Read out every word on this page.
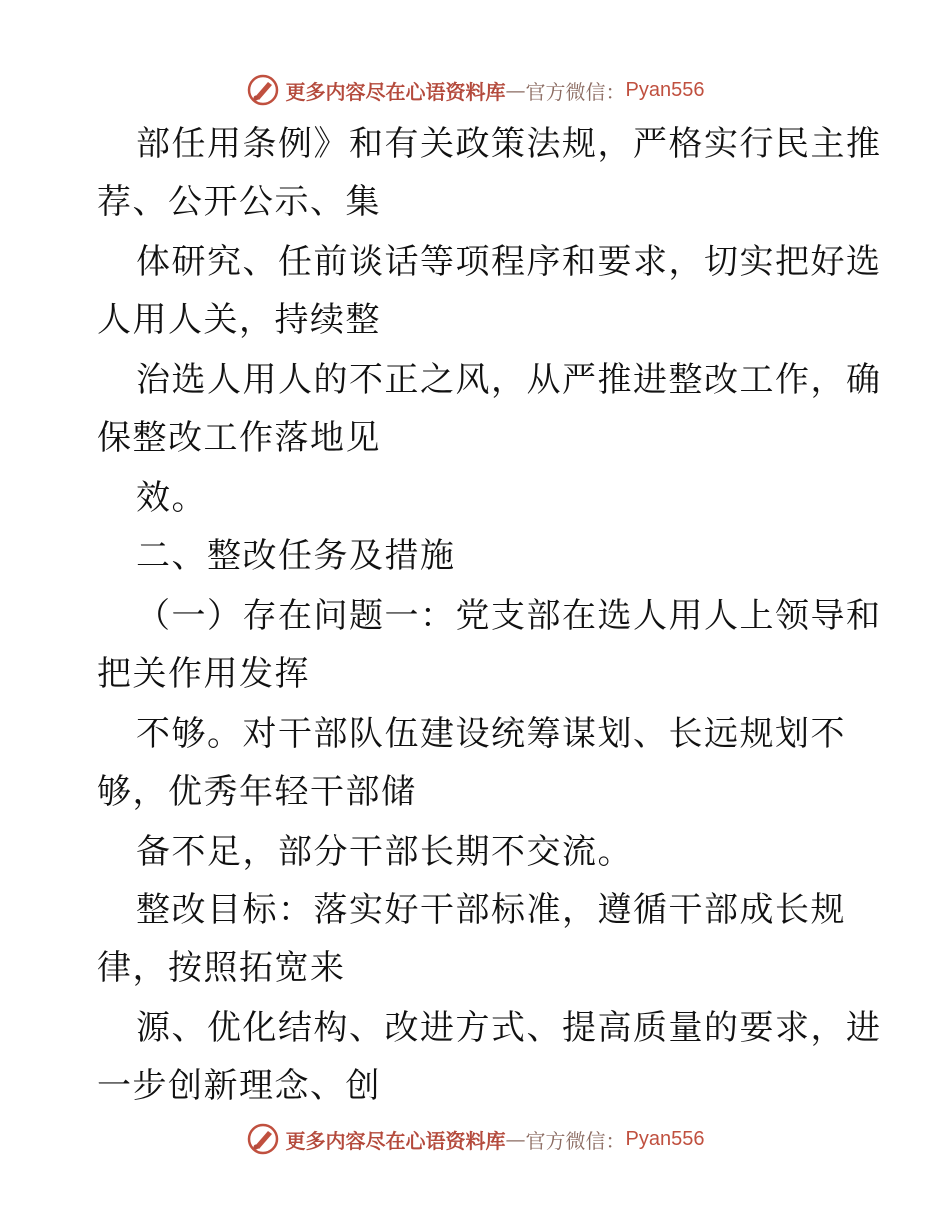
更多内容尽在心语资料库 — 官方微信： Pyan556
部任用条例》和有关政策法规，严格实行民主推
荐、公开公示、集
体研究、任前谈话等项程序和要求，切实把好选
人用人关，持续整
治选人用人的不正之风，从严推进整改工作，确
保整改工作落地见
效。
二、整改任务及措施
（一）存在问题一：党支部在选人用人上领导和
把关作用发挥
不够。对干部队伍建设统筹谋划、长远规划不
够，优秀年轻干部储
备不足，部分干部长期不交流。
整改目标：落实好干部标准，遵循干部成长规
律，按照拓宽来
源、优化结构、改进方式、提高质量的要求，进
一步创新理念、创
更多内容尽在心语资料库 — 官方微信： Pyan556
